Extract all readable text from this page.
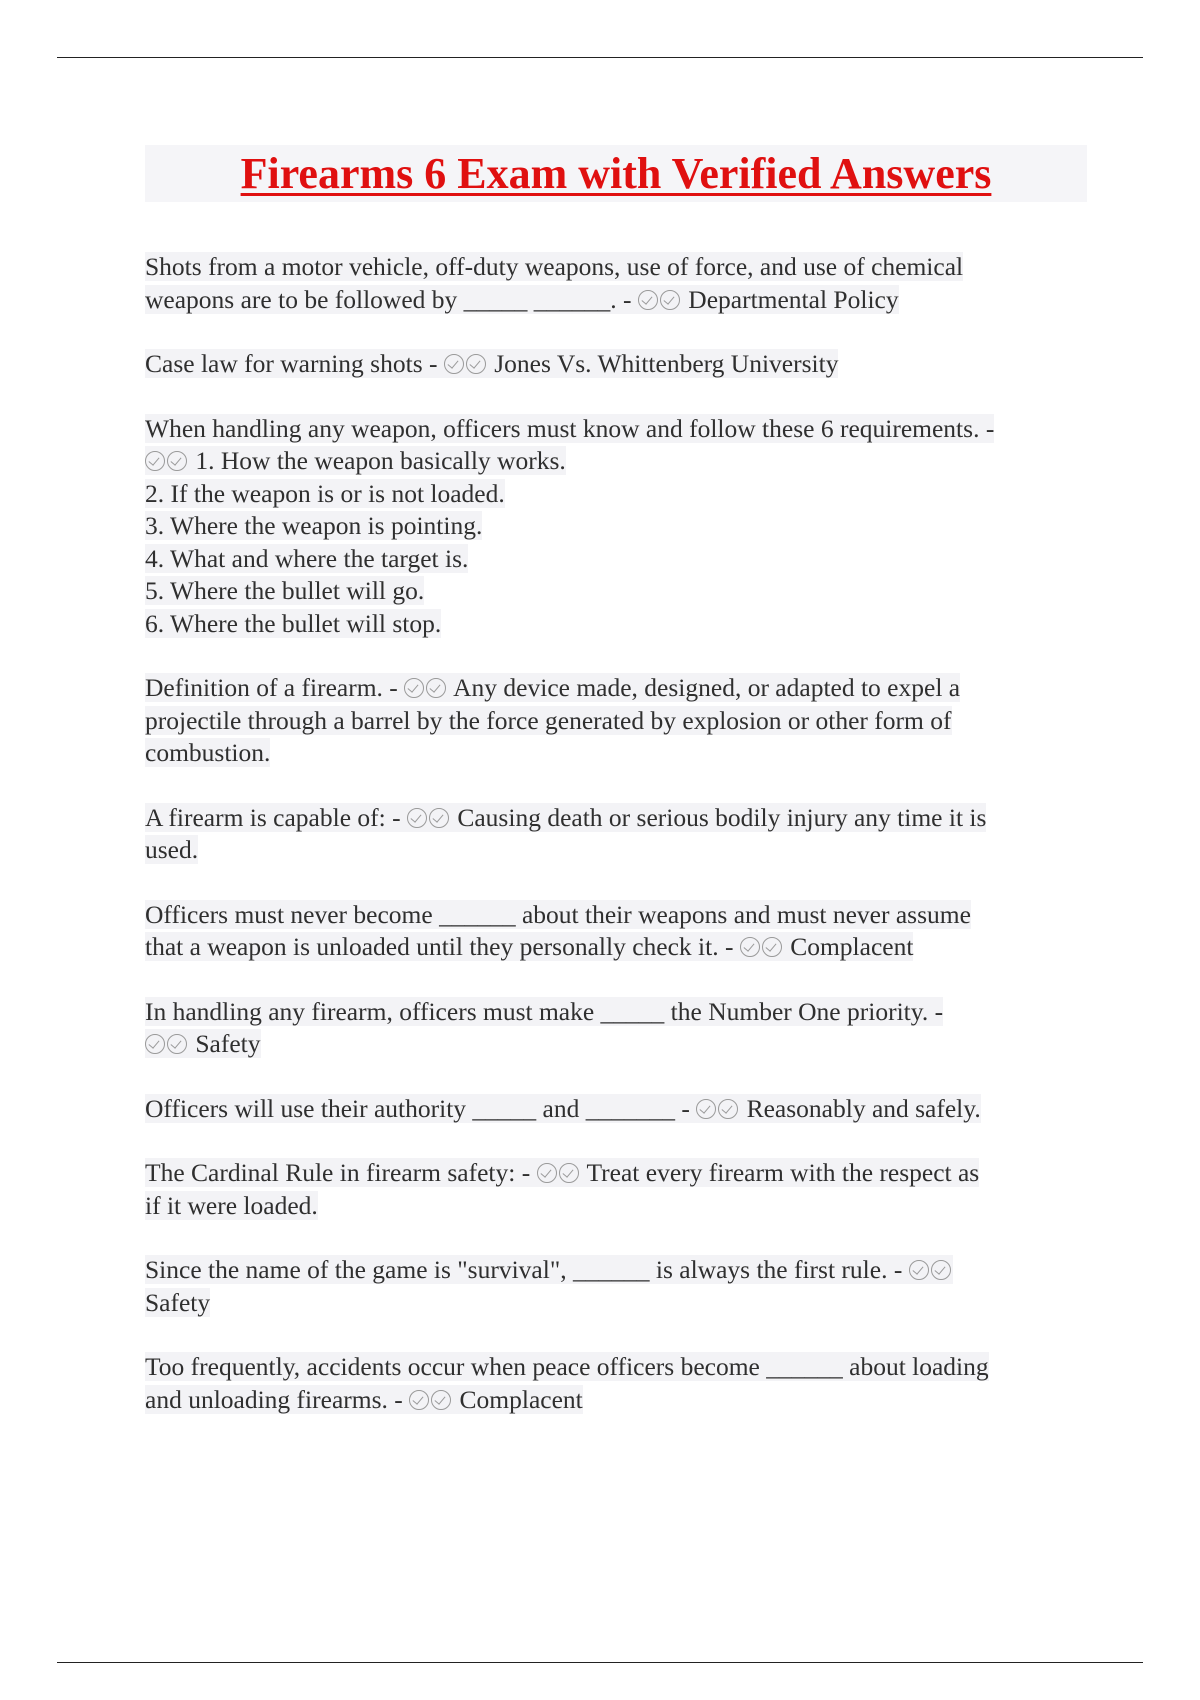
Firearms 6 Exam with Verified Answers

Shots from a motor vehicle, off-duty weapons, use of force, and use of chemical
weapons are to be followed by _____ ______. -  Departmental Policy

Case law for warning shots -  Jones Vs. Whittenberg University

When handling any weapon, officers must know and follow these 6 requirements. -
1. How the weapon basically works.
2. If the weapon is or is not loaded.
3. Where the weapon is pointing.
4. What and where the target is.
5. Where the bullet will go.
6. Where the bullet will stop.

Definition of a firearm. -  Any device made, designed, or adapted to expel a
projectile through a barrel by the force generated by explosion or other form of
combustion.

A firearm is capable of: -  Causing death or serious bodily injury any time it is
used.

Officers must never become ______ about their weapons and must never assume
that a weapon is unloaded until they personally check it. -  Complacent

In handling any firearm, officers must make _____ the Number One priority. -
Safety

Officers will use their authority _____ and _______ -  Reasonably and safely.

The Cardinal Rule in firearm safety: -  Treat every firearm with the respect as
if it were loaded.

Since the name of the game is "survival", ______ is always the first rule. -
Safety

Too frequently, accidents occur when peace officers become ______ about loading
and unloading firearms. -  Complacent
